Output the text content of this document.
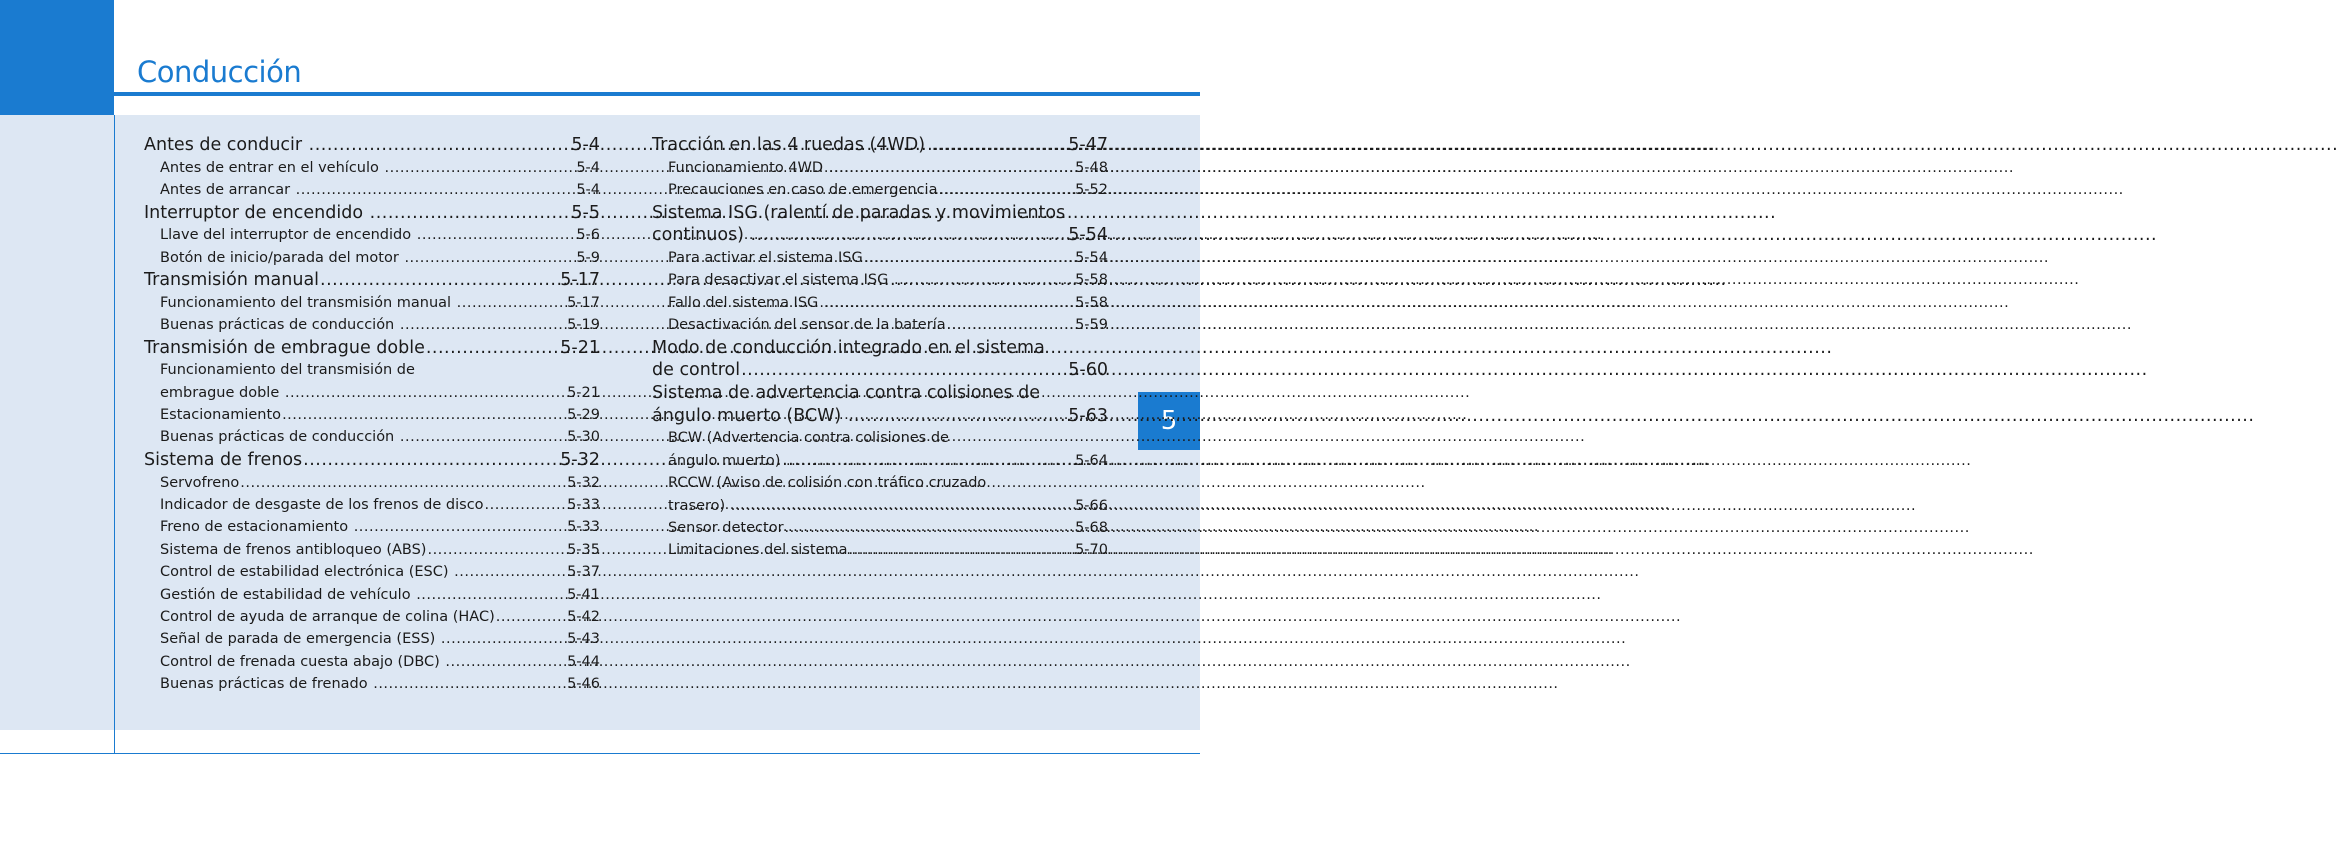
Conducción
5
Antes de conducir .....	5-4
Antes de entrar en el vehículo .....	5-4
Antes de arrancar .....	5-4
Interruptor de encendido .....	5-5
Llave del interruptor de encendido .....	5-6
Botón de inicio/parada del motor .....	5-9
Transmisión manual .....	5-17
Funcionamiento del transmisión manual .....	5-17
Buenas prácticas de conducción .....	5-19
Transmisión de embrague doble .....	5-21
Funcionamiento del transmisión de
embrague doble .....	5-21
Estacionamiento .....	5-29
Buenas prácticas de conducción .....	5-30
Sistema de frenos .....	5-32
Servofreno .....	5-32
Indicador de desgaste de los frenos de disco .....	5-33
Freno de estacionamiento .....	5-33
Sistema de frenos antibloqueo (ABS) .....	5-35
Control de estabilidad electrónica (ESC) .....	5-37
Gestión de estabilidad de vehículo .....	5-41
Control de ayuda de arranque de colina (HAC) .....	5-42
Señal de parada de emergencia (ESS) .....	5-43
Control de frenada cuesta abajo (DBC) .....	5-44
Buenas prácticas de frenado .....	5-46
Tracción en las 4 ruedas (4WD) .....	5-47
Funcionamiento 4WD .....	5-48
Precauciones en caso de emergencia .....	5-52
Sistema ISG (ralentí de paradas y movimientos
continuos) .....	5-54
Para activar el sistema ISG .....	5-54
Para desactivar el sistema ISG .....	5-58
Fallo del sistema ISG .....	5-58
Desactivación del sensor de la batería .....	5-59
Modo de conducción integrado en el sistema
de control .....	5-60
Sistema de advertencia contra colisiones de
ángulo muerto (BCW) .....	5-63
BCW (Advertencia contra colisiones de
ángulo muerto) .....	5-64
RCCW (Aviso de colisión con tráfico cruzado
trasero) .....	5-66
Sensor detector .....	5-68
Limitaciones del sistema .....	5-70
